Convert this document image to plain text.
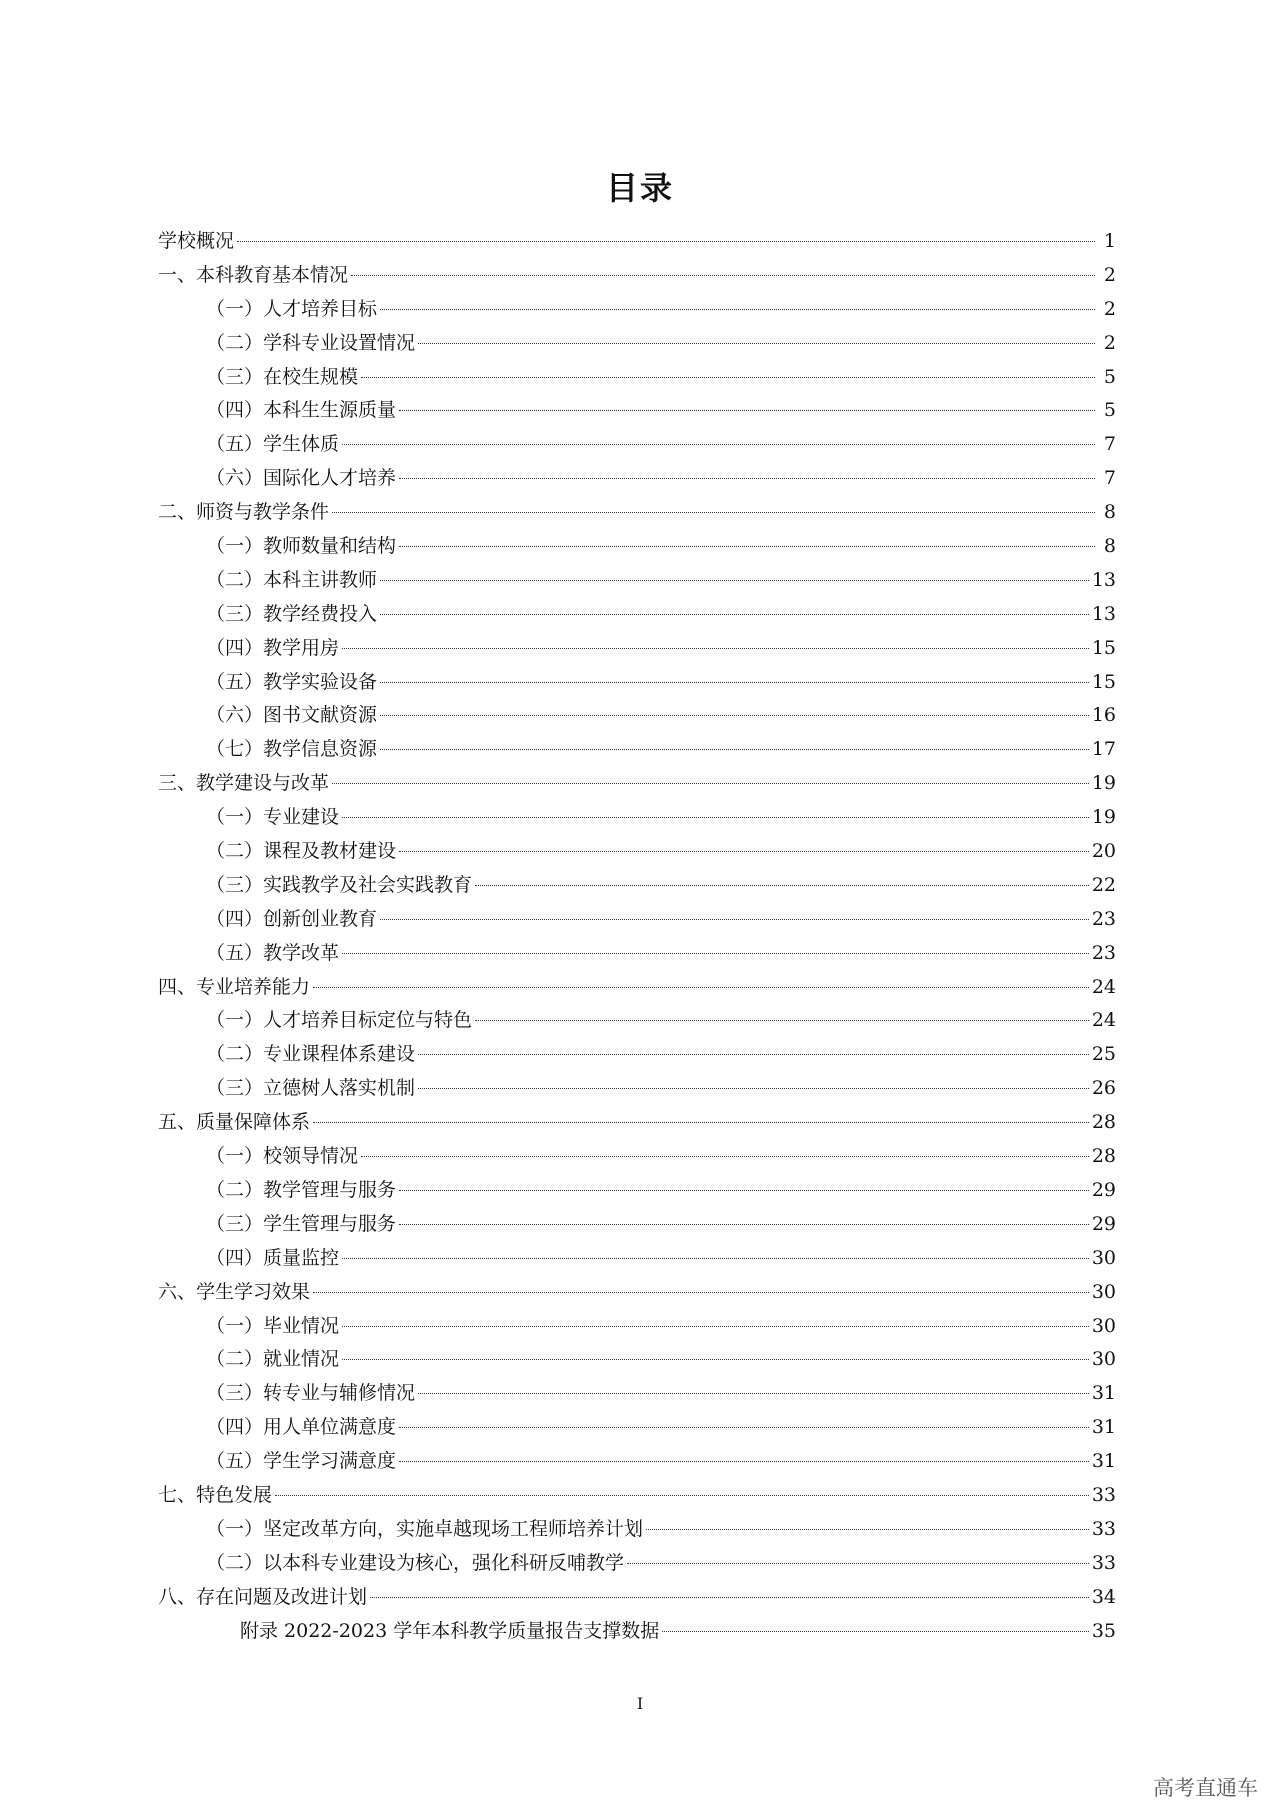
目录
学校概况	1
一、本科教育基本情况	2
（一）人才培养目标	2
（二）学科专业设置情况	2
（三）在校生规模	5
（四）本科生生源质量	5
（五）学生体质	7
（六）国际化人才培养	7
二、师资与教学条件	8
（一）教师数量和结构	8
（二）本科主讲教师	13
（三）教学经费投入	13
（四）教学用房	15
（五）教学实验设备	15
（六）图书文献资源	16
（七）教学信息资源	17
三、教学建设与改革	19
（一）专业建设	19
（二）课程及教材建设	20
（三）实践教学及社会实践教育	22
（四）创新创业教育	23
（五）教学改革	23
四、专业培养能力	24
（一）人才培养目标定位与特色	24
（二）专业课程体系建设	25
（三）立德树人落实机制	26
五、质量保障体系	28
（一）校领导情况	28
（二）教学管理与服务	29
（三）学生管理与服务	29
（四）质量监控	30
六、学生学习效果	30
（一）毕业情况	30
（二）就业情况	30
（三）转专业与辅修情况	31
（四）用人单位满意度	31
（五）学生学习满意度	31
七、特色发展	33
（一）坚定改革方向，实施卓越现场工程师培养计划	33
（二）以本科专业建设为核心，强化科研反哺教学	33
八、存在问题及改进计划	34
附录 2022-2023 学年本科教学质量报告支撑数据	35
I
高考直通车
